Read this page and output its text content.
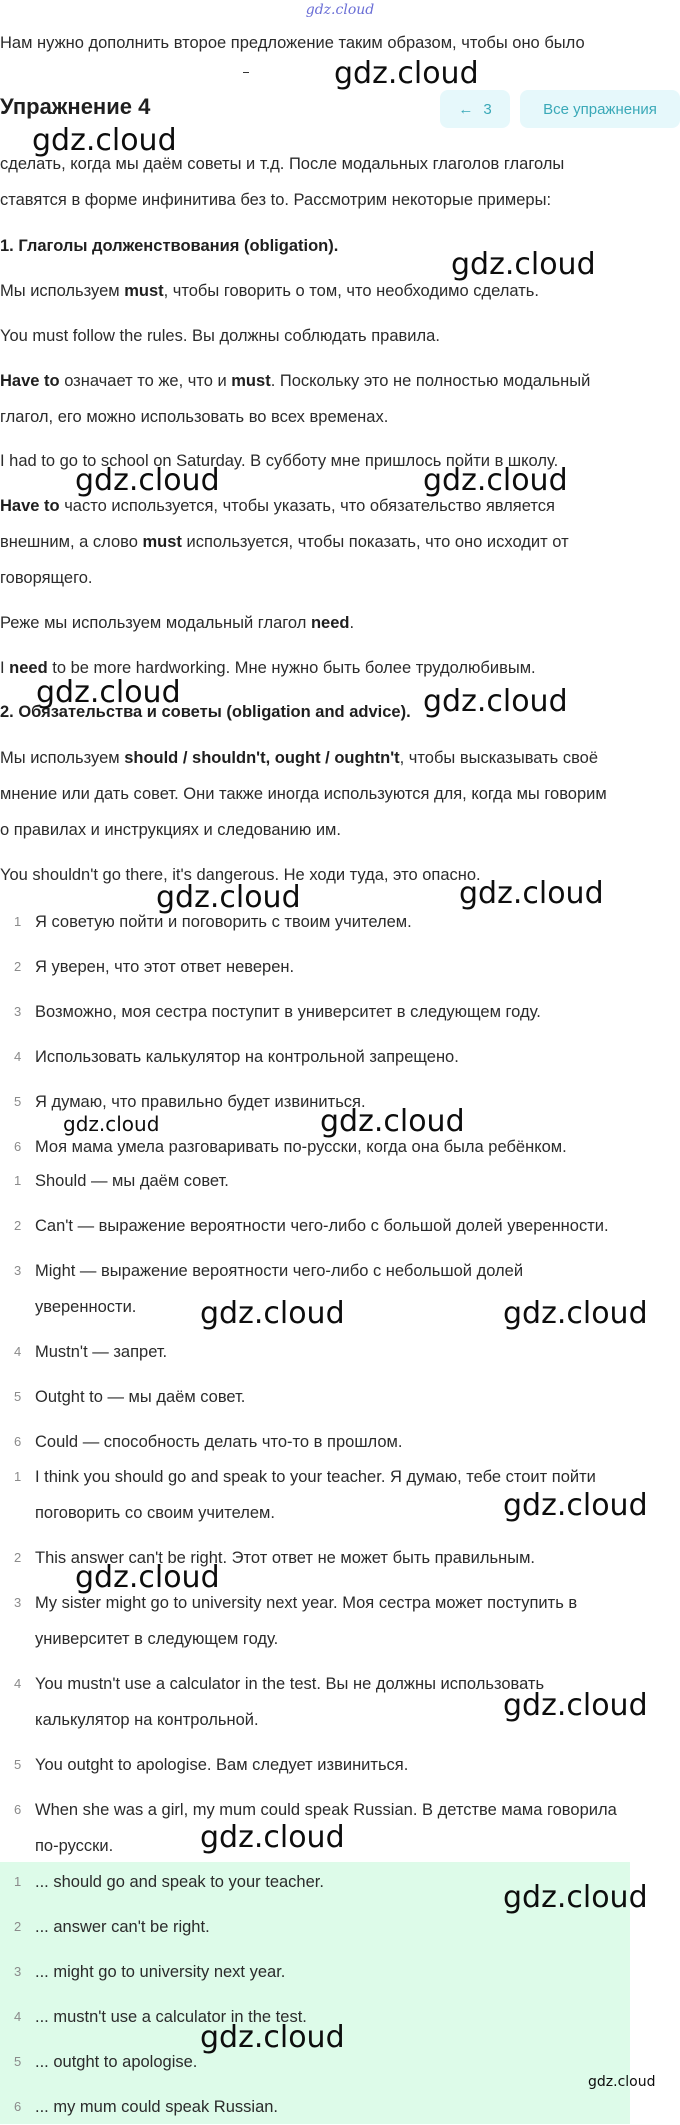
gdz.cloud
Нам нужно дополнить второе предложение таким образом, чтобы оно было
Упражнение 4	← 3	Все упражнения
сделать, когда мы даём советы и т.д. После модальных глаголов глаголы
ставятся в форме инфинитива без to. Рассмотрим некоторые примеры:
1. Глаголы долженствования (obligation).
Мы используем must, чтобы говорить о том, что необходимо сделать.
You must follow the rules. Вы должны соблюдать правила.
Have to означает то же, что и must. Поскольку это не полностью модальный
глагол, его можно использовать во всех временах.
I had to go to school on Saturday. В субботу мне пришлось пойти в школу.
Have to часто используется, чтобы указать, что обязательство является
внешним, а слово must используется, чтобы показать, что оно исходит от
говорящего.
Реже мы используем модальный глагол need.
I need to be more hardworking. Мне нужно быть более трудолюбивым.
2. Обязательства и советы (obligation and advice).
Мы используем should / shouldn't, ought / oughtn't, чтобы высказывать своё
мнение или дать совет. Они также иногда используются для, когда мы говорим
о правилах и инструкциях и следованию им.
You shouldn't go there, it's dangerous. Не ходи туда, это опасно.
1 Я советую пойти и поговорить с твоим учителем.
2 Я уверен, что этот ответ неверен.
3 Возможно, моя сестра поступит в университет в следующем году.
4 Использовать калькулятор на контрольной запрещено.
5 Я думаю, что правильно будет извиниться.
6 Моя мама умела разговаривать по-русски, когда она была ребёнком.
1 Should — мы даём совет.
2 Can't — выражение вероятности чего-либо с большой долей уверенности.
3 Might — выражение вероятности чего-либо с небольшой долей
уверенности.
4 Mustn't — запрет.
5 Outght to — мы даём совет.
6 Could — способность делать что-то в прошлом.
1 I think you should go and speak to your teacher. Я думаю, тебе стоит пойти
поговорить со своим учителем.
2 This answer can't be right. Этот ответ не может быть правильным.
3 My sister might go to university next year. Моя сестра может поступить в
университет в следующем году.
4 You mustn't use a calculator in the test. Вы не должны использовать
калькулятор на контрольной.
5 You outght to apologise. Вам следует извиниться.
6 When she was a girl, my mum could speak Russian. В детстве мама говорила
по-русски.
1 ... should go and speak to your teacher.
2 ... answer can't be right.
3 ... might go to university next year.
4 ... mustn't use a calculator in the test.
5 ... outght to apologise.
6 ... my mum could speak Russian.
gdz.cloud
gdz.cloud
gdz.cloud
gdz.cloud	gdz.cloud
gdz.cloud	gdz.cloud
gdz.cloud	gdz.cloud
gdz.cloud	gdz.cloud
gdz.cloud	gdz.cloud
gdz.cloud
gdz.cloud
gdz.cloud
gdz.cloud
gdz.cloud
gdz.cloud
gdz.cloud
